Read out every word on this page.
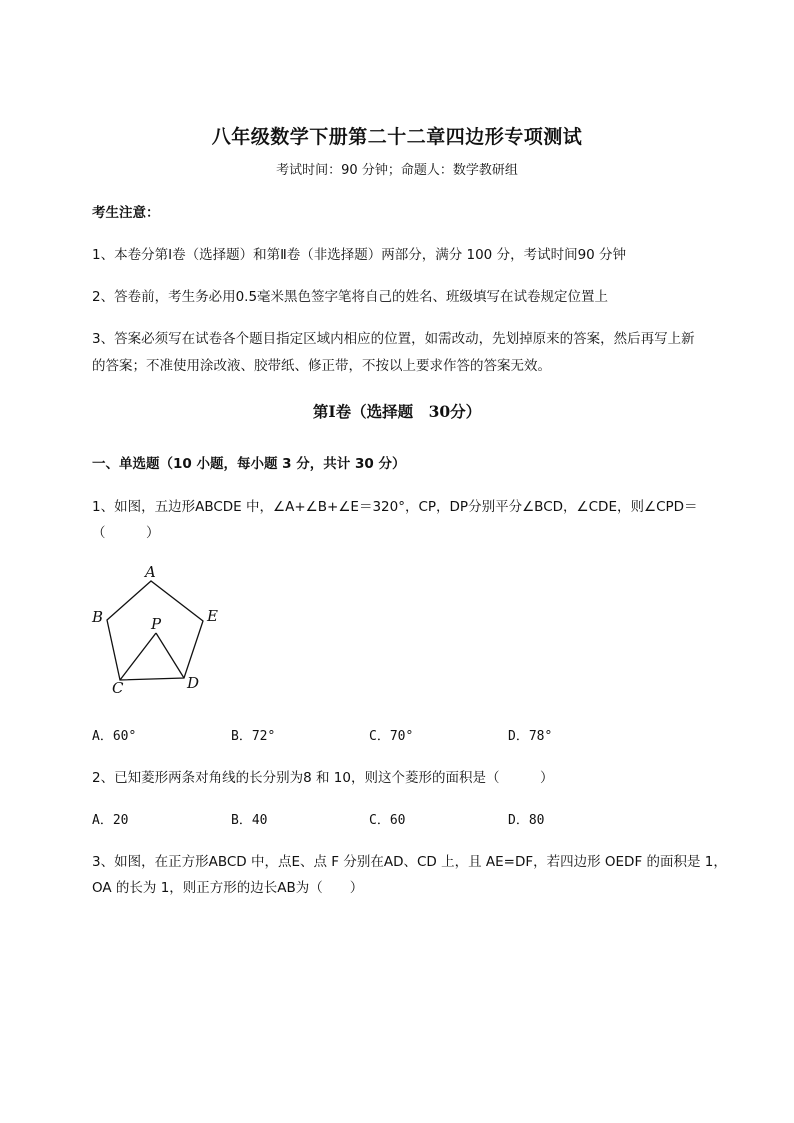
八年级数学下册第二十二章四边形专项测试
考试时间：90 分钟；命题人：数学教研组
考生注意：
1、本卷分第Ⅰ卷（选择题）和第Ⅱ卷（非选择题）两部分，满分 100 分，考试时间90 分钟
2、答卷前，考生务必用0.5毫米黑色签字笔将自己的姓名、班级填写在试卷规定位置上
3、答案必须写在试卷各个题目指定区域内相应的位置，如需改动，先划掉原来的答案，然后再写上新
的答案；不准使用涂改液、胶带纸、修正带，不按以上要求作答的答案无效。
第Ⅰ卷（选择题　30分）
一、单选题（10 小题，每小题 3 分，共计 30 分）
1、如图，五边形ABCDE 中，∠A+∠B+∠E＝320°，CP，DP分别平分∠BCD，∠CDE，则∠CPD＝
（　　　）
A
B
C	D
E
P
A．60°	B．72°	C．70°	D．78°
2、已知菱形两条对角线的长分别为8 和 10，则这个菱形的面积是（　　　）
A．20	B．40	C．60	D．80
3、如图，在正方形ABCD 中，点E、点 F 分别在AD、CD 上，且 AE=DF，若四边形 OEDF 的面积是 1，
OA 的长为 1，则正方形的边长AB为（　　）
